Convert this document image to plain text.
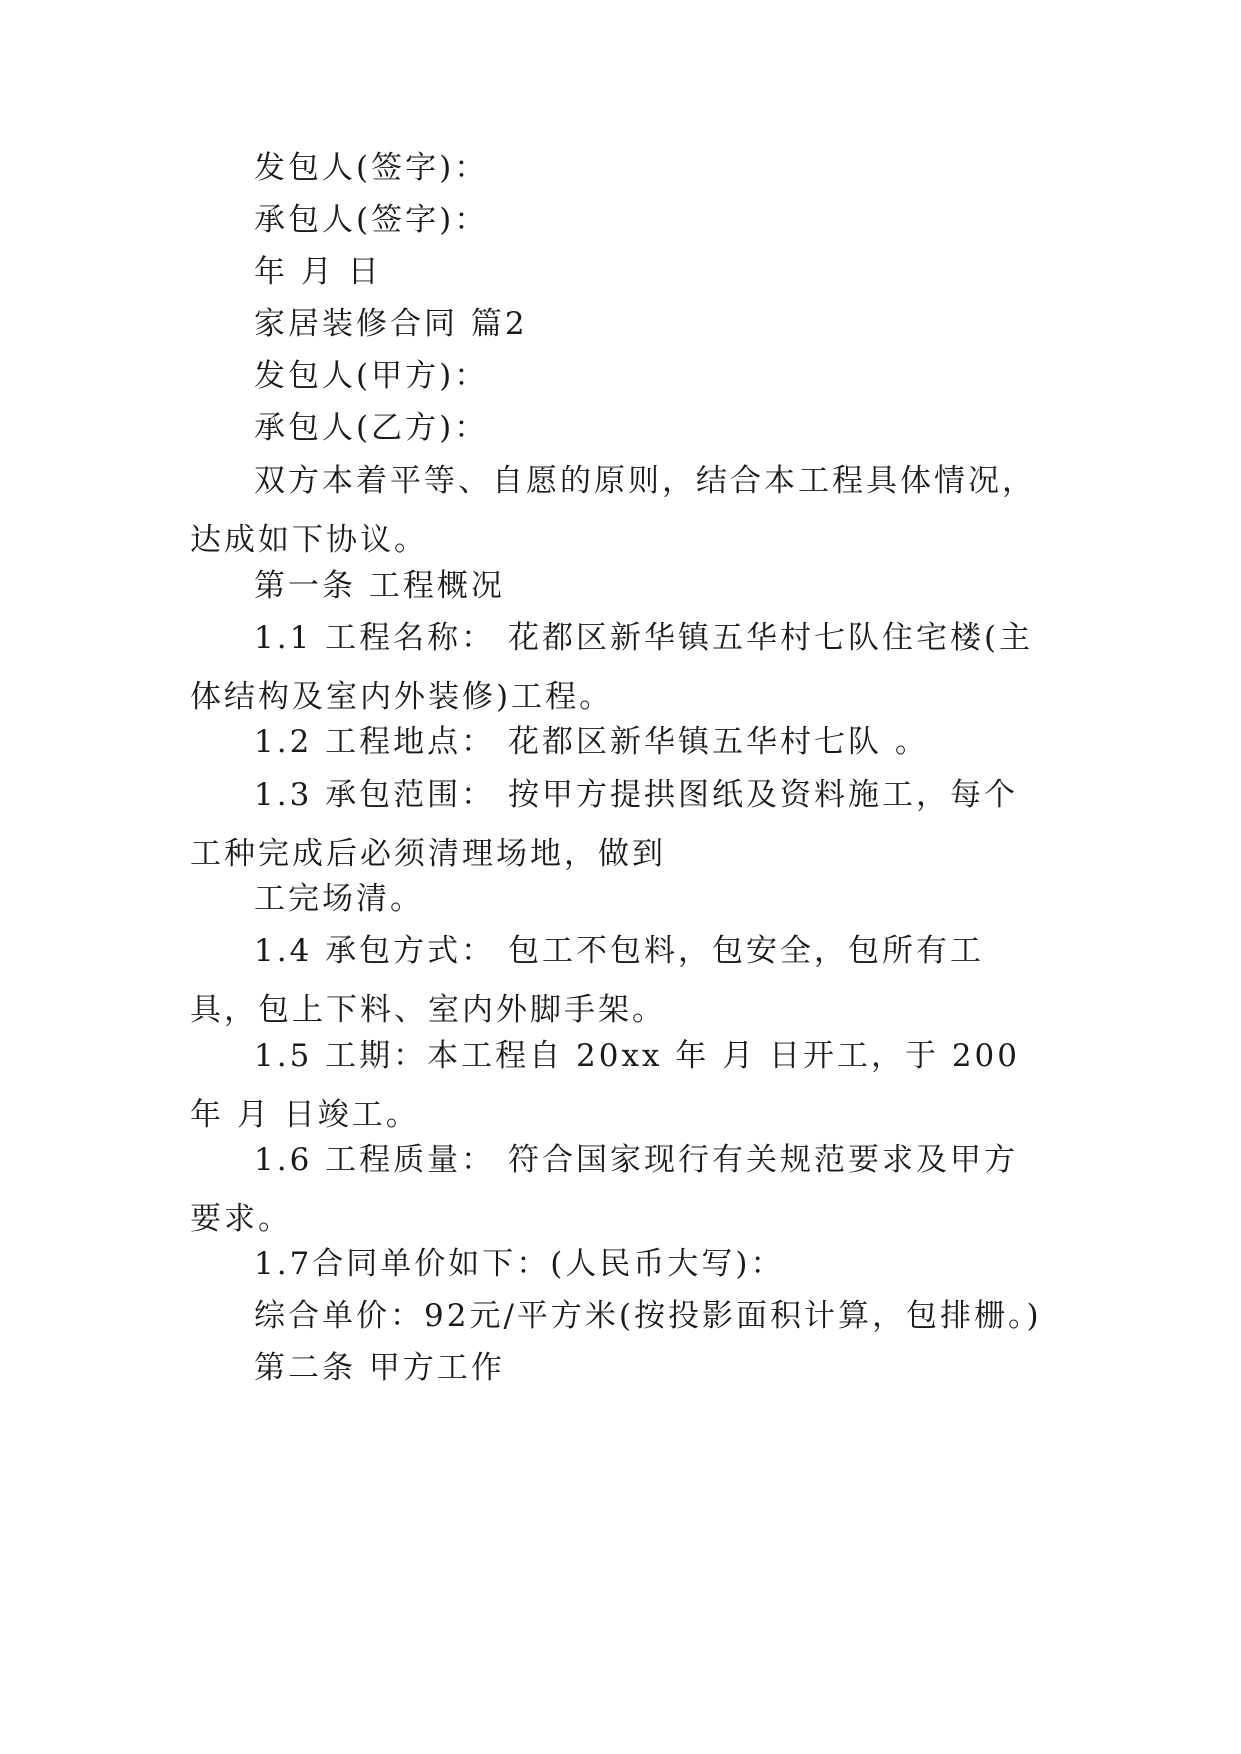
发包人(签字)：

承包人(签字)：

年 月 日

家居装修合同 篇2

发包人(甲方)：

承包人(乙方)：

双方本着平等、自愿的原则，结合本工程具体情况，达成如下协议。

第一条 工程概况

1.1 工程名称： 花都区新华镇五华村七队住宅楼(主体结构及室内外装修)工程。

1.2 工程地点： 花都区新华镇五华村七队 。

1.3 承包范围： 按甲方提拱图纸及资料施工，每个工种完成后必须清理场地，做到

工完场清。

1.4 承包方式： 包工不包料，包安全，包所有工具，包上下料、室内外脚手架。

1.5 工期：本工程自 20xx 年 月 日开工，于 200 年 月 日竣工。

1.6 工程质量： 符合国家现行有关规范要求及甲方要求。

1.7合同单价如下：(人民币大写)：

综合单价：92元/平方米(按投影面积计算，包排栅。)

第二条 甲方工作
